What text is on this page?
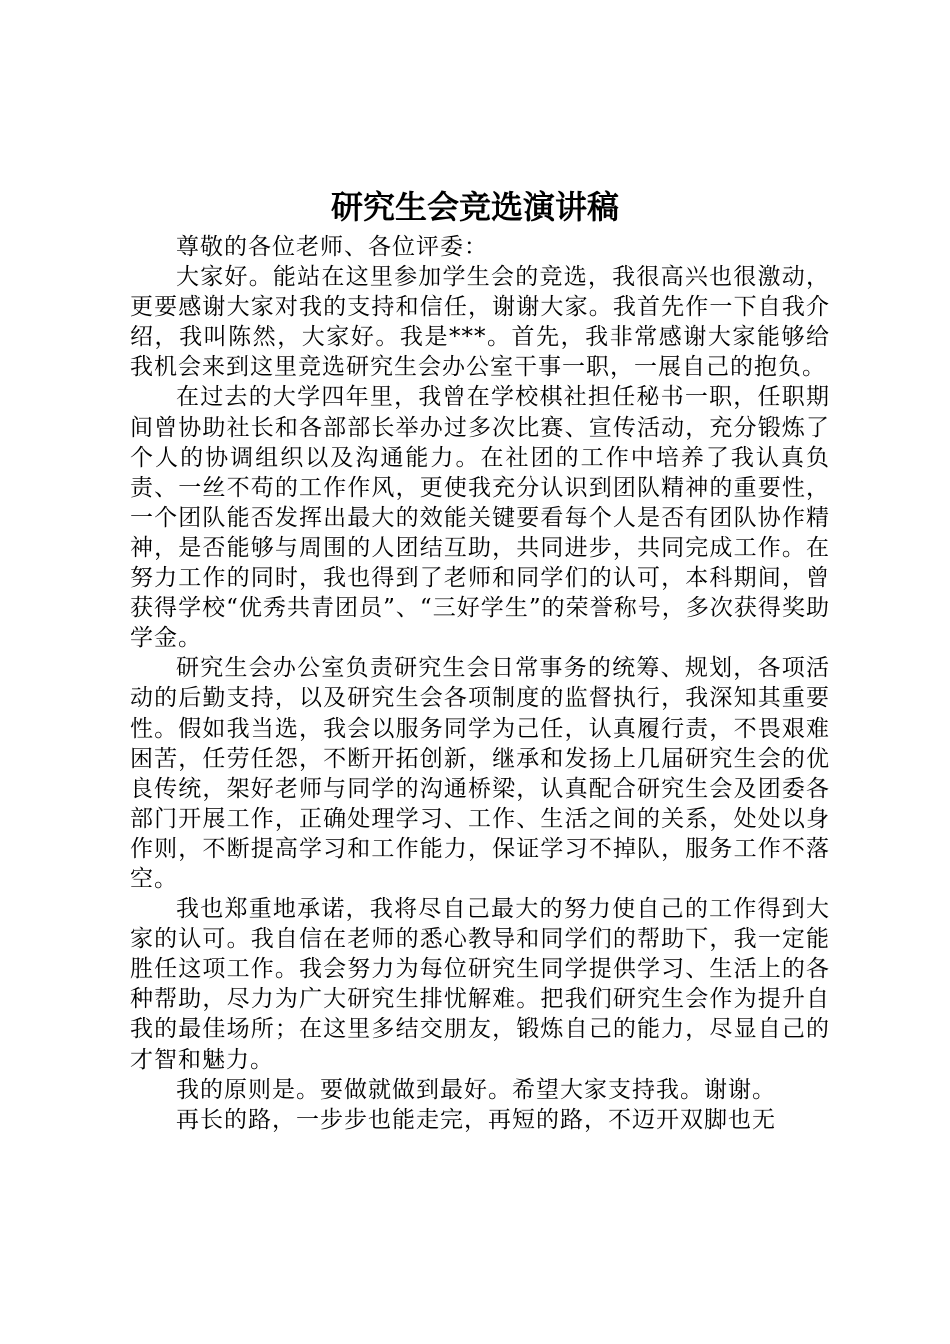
研究生会竞选演讲稿

尊敬的各位老师、各位评委：

大家好。能站在这里参加学生会的竞选，我很高兴也很激动，更要感谢大家对我的支持和信任，谢谢大家。我首先作一下自我介绍，我叫陈然，大家好。我是***。首先，我非常感谢大家能够给我机会来到这里竞选研究生会办公室干事一职，一展自己的抱负。

在过去的大学四年里，我曾在学校棋社担任秘书一职，任职期间曾协助社长和各部部长举办过多次比赛、宣传活动，充分锻炼了个人的协调组织以及沟通能力。在社团的工作中培养了我认真负责、一丝不苟的工作作风，更使我充分认识到团队精神的重要性，一个团队能否发挥出最大的效能关键要看每个人是否有团队协作精神，是否能够与周围的人团结互助，共同进步，共同完成工作。在努力工作的同时，我也得到了老师和同学们的认可，本科期间，曾获得学校“优秀共青团员”、“三好学生”的荣誉称号，多次获得奖助学金。

研究生会办公室负责研究生会日常事务的统筹、规划，各项活动的后勤支持，以及研究生会各项制度的监督执行，我深知其重要性。假如我当选，我会以服务同学为己任，认真履行责，不畏艰难困苦，任劳任怨，不断开拓创新，继承和发扬上几届研究生会的优良传统，架好老师与同学的沟通桥梁，认真配合研究生会及团委各部门开展工作，正确处理学习、工作、生活之间的关系，处处以身作则，不断提高学习和工作能力，保证学习不掉队，服务工作不落空。

我也郑重地承诺，我将尽自己最大的努力使自己的工作得到大家的认可。我自信在老师的悉心教导和同学们的帮助下，我一定能胜任这项工作。我会努力为每位研究生同学提供学习、生活上的各种帮助，尽力为广大研究生排忧解难。把我们研究生会作为提升自我的最佳场所；在这里多结交朋友，锻炼自己的能力，尽显自己的才智和魅力。

我的原则是。要做就做到最好。希望大家支持我。谢谢。

再长的路，一步步也能走完，再短的路，不迈开双脚也无
